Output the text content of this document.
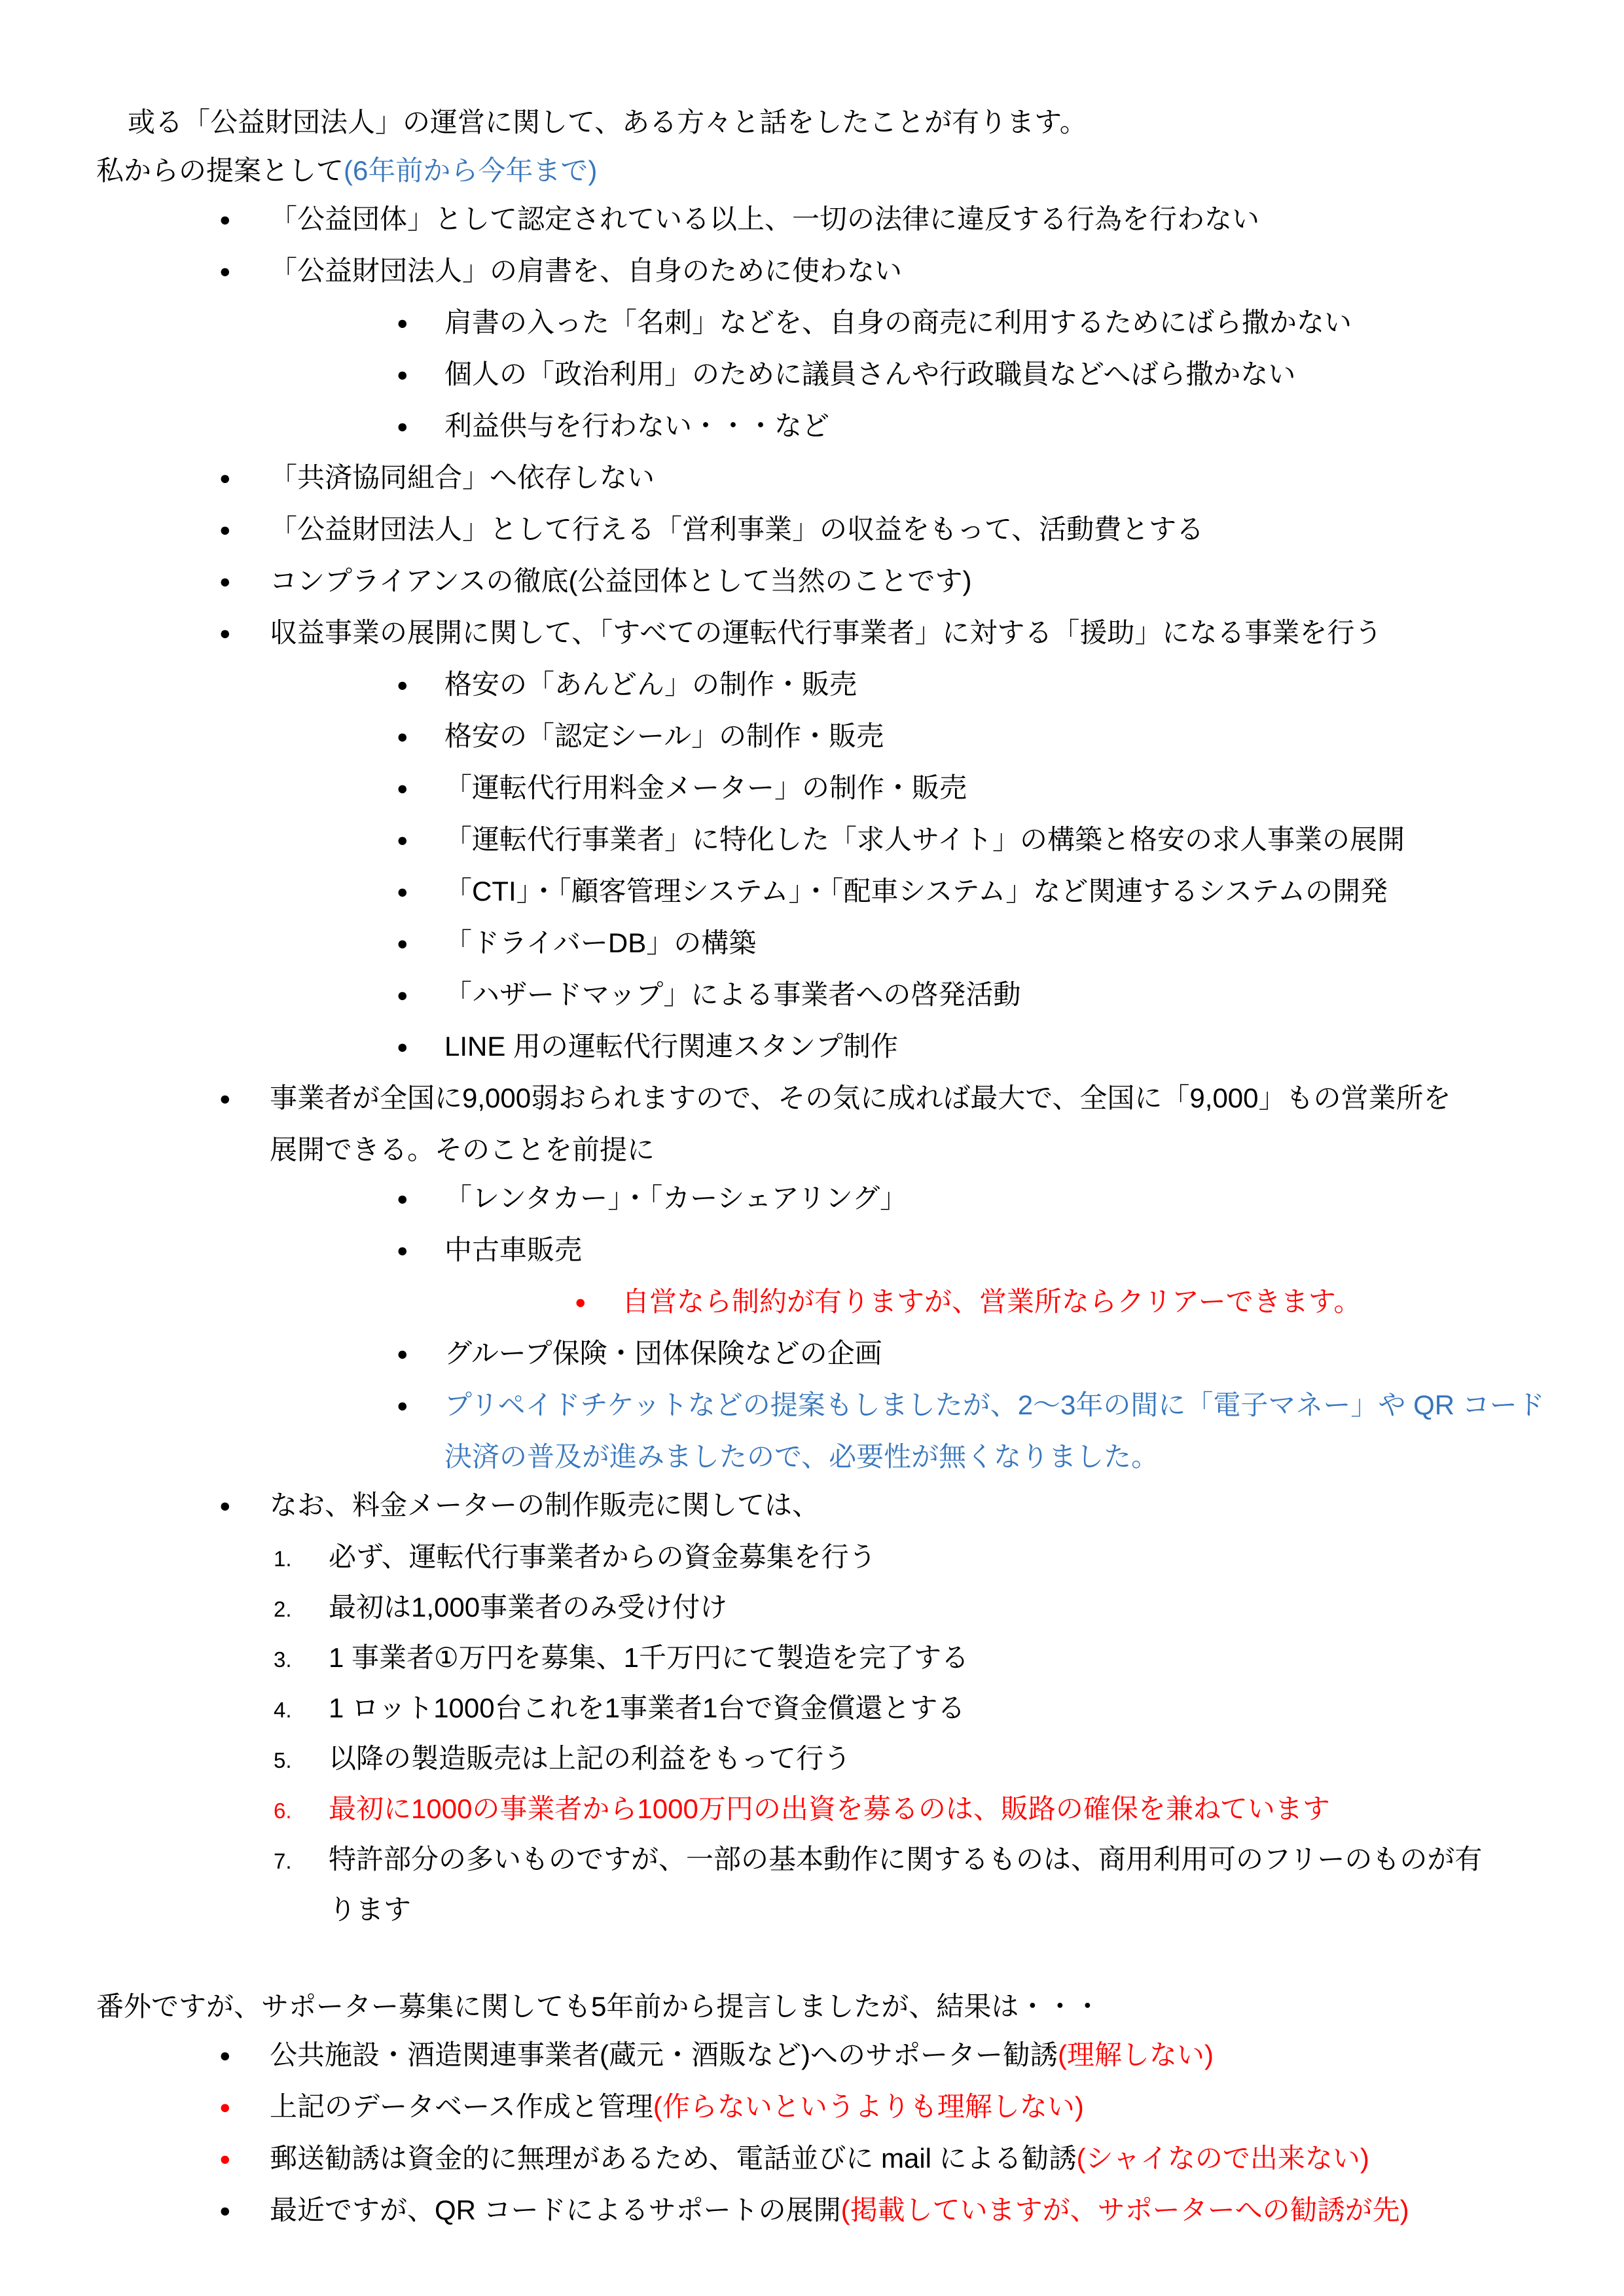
或る「公益財団法人」の運営に関して、ある方々と話をしたことが有ります。
私からの提案として(6年前から今年まで)
● 「公益団体」として認定されている以上、一切の法律に違反する行為を行わない
● 「公益財団法人」の肩書を、自身のために使わない
● 肩書の入った「名刺」などを、自身の商売に利用するためにばら撒かない
● 個人の「政治利用」のために議員さんや行政職員などへばら撒かない
● 利益供与を行わない・・・など
● 「共済協同組合」へ依存しない
● 「公益財団法人」として行える「営利事業」の収益をもって、活動費とする
● コンプライアンスの徹底(公益団体として当然のことです)
● 収益事業の展開に関して、「すべての運転代行事業者」に対する「援助」になる事業を行う
● 格安の「あんどん」の制作・販売
● 格安の「認定シール」の制作・販売
● 「運転代行用料金メーター」の制作・販売
● 「運転代行事業者」に特化した「求人サイト」の構築と格安の求人事業の展開
● 「CTI」・「顧客管理システム」・「配車システム」など関連するシステムの開発
● 「ドライバーDB」の構築
● 「ハザードマップ」による事業者への啓発活動
● LINE 用の運転代行関連スタンプ制作
● 事業者が全国に9,000弱おられますので、その気に成れば最大で、全国に「9,000」もの営業所を
展開できる。そのことを前提に
● 「レンタカー」・「カーシェアリング」
● 中古車販売
● 自営なら制約が有りますが、営業所ならクリアーできます。
● グループ保険・団体保険などの企画
● プリペイドチケットなどの提案もしましたが、2〜3年の間に「電子マネー」や QR コード
決済の普及が進みましたので、必要性が無くなりました。
● なお、料金メーターの制作販売に関しては、
1. 必ず、運転代行事業者からの資金募集を行う
2. 最初は1,000事業者のみ受け付け
3. 1 事業者①万円を募集、1千万円にて製造を完了する
4. 1 ロット1000台これを1事業者1台で資金償還とする
5. 以降の製造販売は上記の利益をもって行う
6. 最初に1000の事業者から1000万円の出資を募るのは、販路の確保を兼ねています
7. 特許部分の多いものですが、一部の基本動作に関するものは、商用利用可のフリーのものが有
ります
番外ですが、サポーター募集に関しても5年前から提言しましたが、結果は・・・
● 公共施設・酒造関連事業者(蔵元・酒販など)へのサポーター勧誘(理解しない)
● 上記のデータベース作成と管理(作らないというよりも理解しない)
● 郵送勧誘は資金的に無理があるため、電話並びに mail による勧誘(シャイなので出来ない)
● 最近ですが、QR コードによるサポートの展開(掲載していますが、サポーターへの勧誘が先)
